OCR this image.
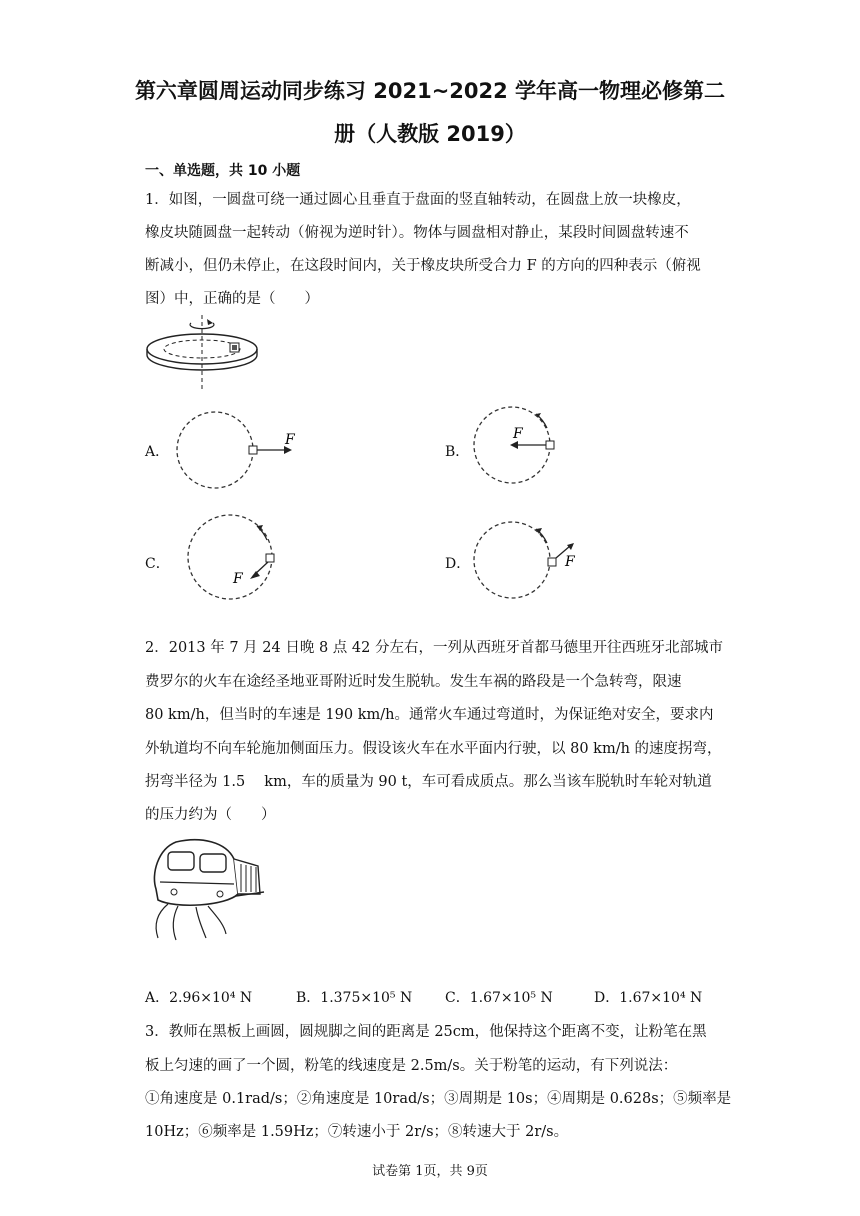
第六章圆周运动同步练习 2021~2022 学年高一物理必修第二
册（人教版 2019）
一、单选题，共 10 小题
1．如图，一圆盘可绕一通过圆心且垂直于盘面的竖直轴转动，在圆盘上放一块橡皮，
橡皮块随圆盘一起转动（俯视为逆时针）。物体与圆盘相对静止，某段时间圆盘转速不
断减小，但仍未停止，在这段时间内，关于橡皮块所受合力 F 的方向的四种表示（俯视
图）中，正确的是（　　）
A．
F
B．
F
C．
F
D．	F
2．2013 年 7 月 24 日晚 8 点 42 分左右，一列从西班牙首都马德里开往西班牙北部城市
费罗尔的火车在途经圣地亚哥附近时发生脱轨。发生车祸的路段是一个急转弯，限速
80 km/h，但当时的车速是 190 km/h。通常火车通过弯道时，为保证绝对安全，要求内
外轨道均不向车轮施加侧面压力。假设该火车在水平面内行驶，以 80 km/h 的速度拐弯，
拐弯半径为 1.5　 km，车的质量为 90 t，车可看成质点。那么当该车脱轨时车轮对轨道
的压力约为（　　）
A．2.96×10⁴ N	B．1.375×10⁵ N C．1.67×10⁵ N	D．1.67×10⁴ N
3．教师在黑板上画圆，圆规脚之间的距离是 25cm，他保持这个距离不变，让粉笔在黑
板上匀速的画了一个圆，粉笔的线速度是 2.5m/s。关于粉笔的运动，有下列说法：
①角速度是 0.1rad/s；②角速度是 10rad/s；③周期是 10s；④周期是 0.628s；⑤频率是
10Hz；⑥频率是 1.59Hz；⑦转速小于 2r/s；⑧转速大于 2r/s。
试卷第 1页，共 9页
